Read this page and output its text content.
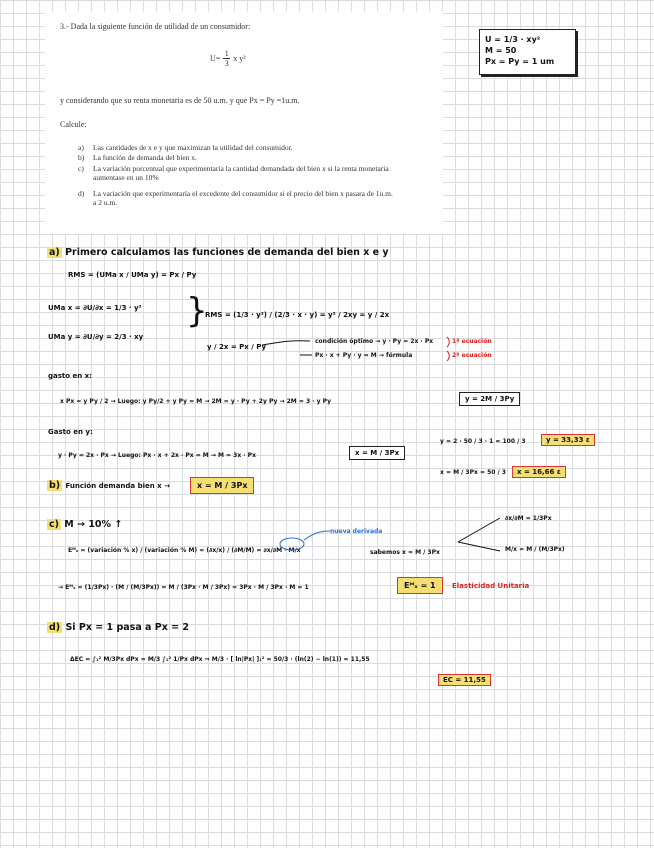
3.- Dada la siguiente función de utilidad de un consumidor:
$U= \frac{1}{3}$ x y²
y considerando que su renta monetaria es de 50 u.m. y que Px = Py =1u.m.
Calcule:
a)	Las cantidades de x e y que maximizan la utilidad del consumidor.
b)	La función de demanda del bien x.
c)	La variación porcentual que experimentaría la cantidad demandada del bien x si la renta monetaria aumentase en un 10%
d)	La variación que experimentaría el excedente del consumidor si el precio del bien x pasara de 1u.m. a 2 u.m.
U = 1/3 · xy²
M = 50
Px = Py = 1 um
a) Primero calculamos las funciones de demanda del bien x e y
RMS = (UMa x / UMa y) = Px / Py
UMa x = ∂U/∂x = 1/3 · y²
UMa y = ∂U/∂y = 2/3 · xy
}
RMS = (1/3 · y²) / (2/3 · x · y) = y² / 2xy = y / 2x
y / 2x = Px / Py
condición óptimo → y · Py = 2x · Px	1ª ecuación
Px · x + Py · y = M → fórmula	2ª ecuación
gasto en x:
x Px = y Py / 2 → Luego: y Py/2 + y Py = M → 2M = y · Py + 2y Py → 2M = 3 · y Py	y = 2M / 3Py
Gasto en y:
y · Py = 2x · Px → Luego: Px · x + 2x · Px = M → M = 3x · Px	x = M / 3Px
y = 2 · 50 / 3 · 1 = 100 / 3	y = 33,33 ε
x = M / 3Px = 50 / 3	x = 16,66 ε
b) Función demanda bien x →	x = M / 3Px
c) M → 10% ↑
Eᴹₓ = (variación % x) / (variación % M) = (∂x/x) / (∂M/M) = ∂x/∂M · M/x
nueva derivada
sabemos x = M / 3Px
∂x/∂M = 1/3Px
M/x = M / (M/3Px)
→ Eᴹₓ = (1/3Px) · (M / (M/3Px)) = M / (3Px · M / 3Px) = 3Px · M / 3Px · M = 1	Eᴹₓ = 1	Elasticidad Unitaria
d) Si Px = 1 pasa a Px = 2
ΔEC = ∫₁² M/3Px dPx = M/3 ∫₁² 1/Px dPx ⇒ M/3 · [ ln|Px| ]₁² = 50/3 · (ln(2) − ln(1)) = 11,55
EC = 11,55
